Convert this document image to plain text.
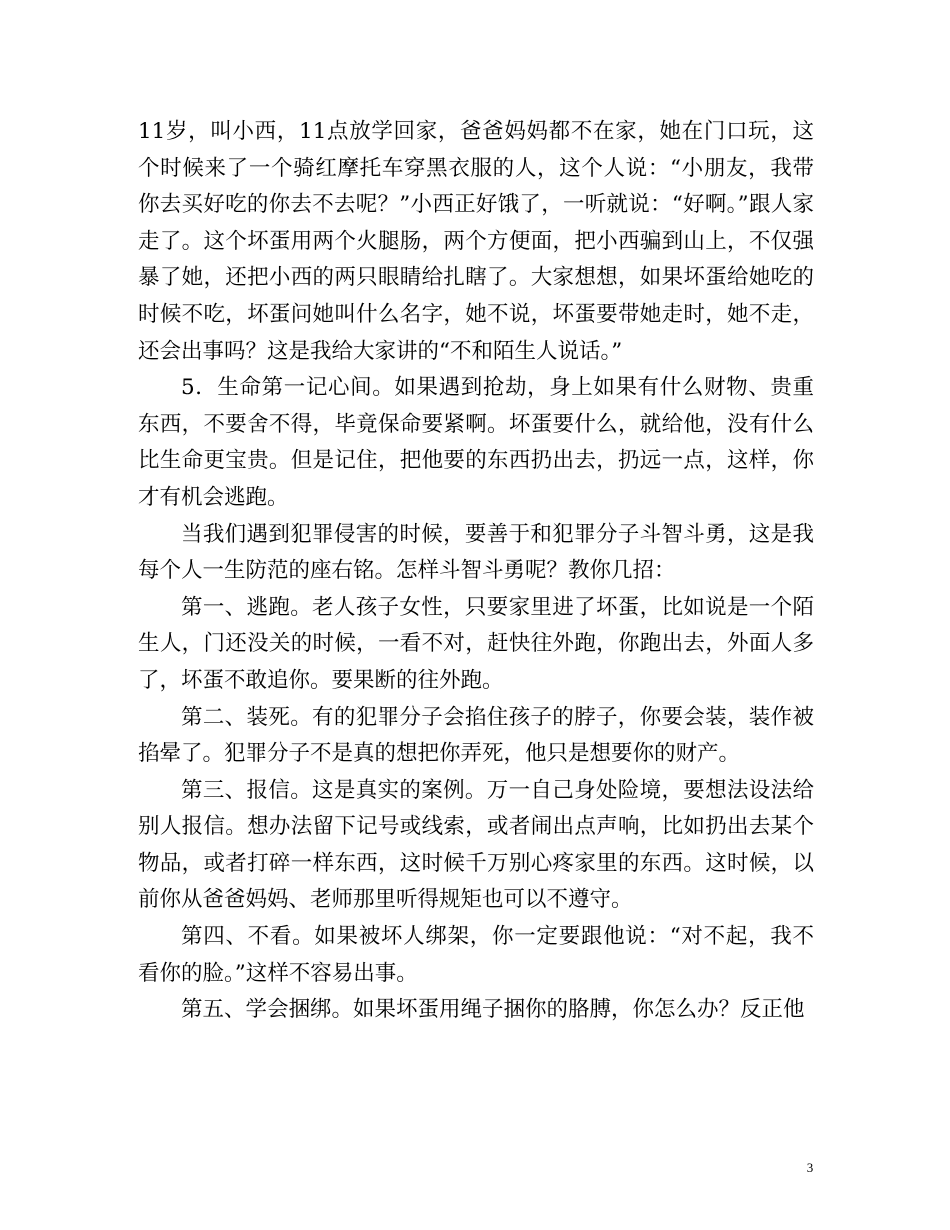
11岁，叫小西，11点放学回家，爸爸妈妈都不在家，她在门口玩，这个时候来了一个骑红摩托车穿黑衣服的人，这个人说：“小朋友，我带你去买好吃的你去不去呢？”小西正好饿了，一听就说：“好啊。”跟人家走了。这个坏蛋用两个火腿肠，两个方便面，把小西骗到山上，不仅强暴了她，还把小西的两只眼睛给扎瞎了。大家想想，如果坏蛋给她吃的时候不吃，坏蛋问她叫什么名字，她不说，坏蛋要带她走时，她不走，还会出事吗？这是我给大家讲的“不和陌生人说话。”

5．生命第一记心间。如果遇到抢劫，身上如果有什么财物、贵重东西，不要舍不得，毕竟保命要紧啊。坏蛋要什么，就给他，没有什么比生命更宝贵。但是记住，把他要的东西扔出去，扔远一点，这样，你才有机会逃跑。

当我们遇到犯罪侵害的时候，要善于和犯罪分子斗智斗勇，这是我每个人一生防范的座右铭。怎样斗智斗勇呢？教你几招：

第一、逃跑。老人孩子女性，只要家里进了坏蛋，比如说是一个陌生人，门还没关的时候，一看不对，赶快往外跑，你跑出去，外面人多了，坏蛋不敢追你。要果断的往外跑。

第二、装死。有的犯罪分子会掐住孩子的脖子，你要会装，装作被掐晕了。犯罪分子不是真的想把你弄死，他只是想要你的财产。

第三、报信。这是真实的案例。万一自己身处险境，要想法设法给别人报信。想办法留下记号或线索，或者闹出点声响，比如扔出去某个物品，或者打碎一样东西，这时候千万别心疼家里的东西。这时候，以前你从爸爸妈妈、老师那里听得规矩也可以不遵守。

第四、不看。如果被坏人绑架，你一定要跟他说：“对不起，我不看你的脸。”这样不容易出事。

第五、学会捆绑。如果坏蛋用绳子捆你的胳膊，你怎么办？反正他

3
